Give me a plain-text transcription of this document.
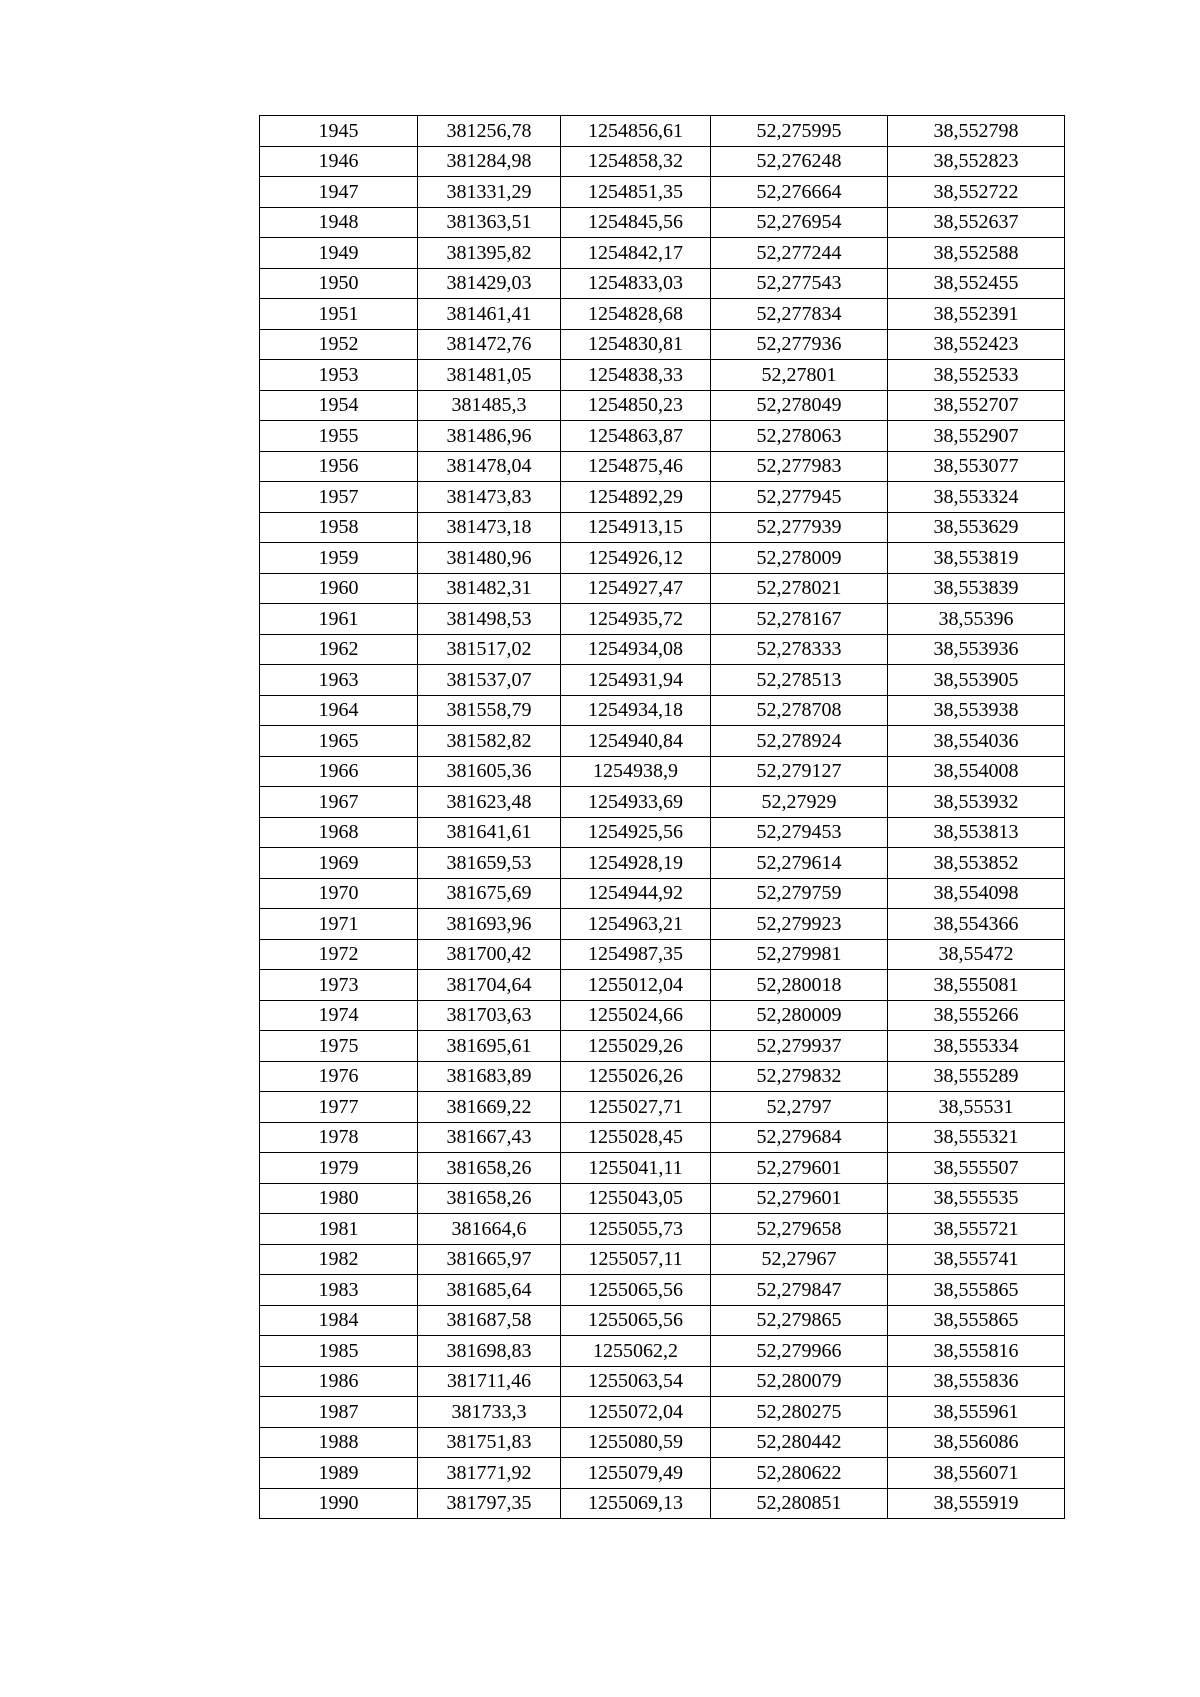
1945	381256,78	1254856,61	52,275995	38,552798
1946	381284,98	1254858,32	52,276248	38,552823
1947	381331,29	1254851,35	52,276664	38,552722
1948	381363,51	1254845,56	52,276954	38,552637
1949	381395,82	1254842,17	52,277244	38,552588
1950	381429,03	1254833,03	52,277543	38,552455
1951	381461,41	1254828,68	52,277834	38,552391
1952	381472,76	1254830,81	52,277936	38,552423
1953	381481,05	1254838,33	52,27801	38,552533
1954	381485,3	1254850,23	52,278049	38,552707
1955	381486,96	1254863,87	52,278063	38,552907
1956	381478,04	1254875,46	52,277983	38,553077
1957	381473,83	1254892,29	52,277945	38,553324
1958	381473,18	1254913,15	52,277939	38,553629
1959	381480,96	1254926,12	52,278009	38,553819
1960	381482,31	1254927,47	52,278021	38,553839
1961	381498,53	1254935,72	52,278167	38,55396
1962	381517,02	1254934,08	52,278333	38,553936
1963	381537,07	1254931,94	52,278513	38,553905
1964	381558,79	1254934,18	52,278708	38,553938
1965	381582,82	1254940,84	52,278924	38,554036
1966	381605,36	1254938,9	52,279127	38,554008
1967	381623,48	1254933,69	52,27929	38,553932
1968	381641,61	1254925,56	52,279453	38,553813
1969	381659,53	1254928,19	52,279614	38,553852
1970	381675,69	1254944,92	52,279759	38,554098
1971	381693,96	1254963,21	52,279923	38,554366
1972	381700,42	1254987,35	52,279981	38,55472
1973	381704,64	1255012,04	52,280018	38,555081
1974	381703,63	1255024,66	52,280009	38,555266
1975	381695,61	1255029,26	52,279937	38,555334
1976	381683,89	1255026,26	52,279832	38,555289
1977	381669,22	1255027,71	52,2797	38,55531
1978	381667,43	1255028,45	52,279684	38,555321
1979	381658,26	1255041,11	52,279601	38,555507
1980	381658,26	1255043,05	52,279601	38,555535
1981	381664,6	1255055,73	52,279658	38,555721
1982	381665,97	1255057,11	52,27967	38,555741
1983	381685,64	1255065,56	52,279847	38,555865
1984	381687,58	1255065,56	52,279865	38,555865
1985	381698,83	1255062,2	52,279966	38,555816
1986	381711,46	1255063,54	52,280079	38,555836
1987	381733,3	1255072,04	52,280275	38,555961
1988	381751,83	1255080,59	52,280442	38,556086
1989	381771,92	1255079,49	52,280622	38,556071
1990	381797,35	1255069,13	52,280851	38,555919
